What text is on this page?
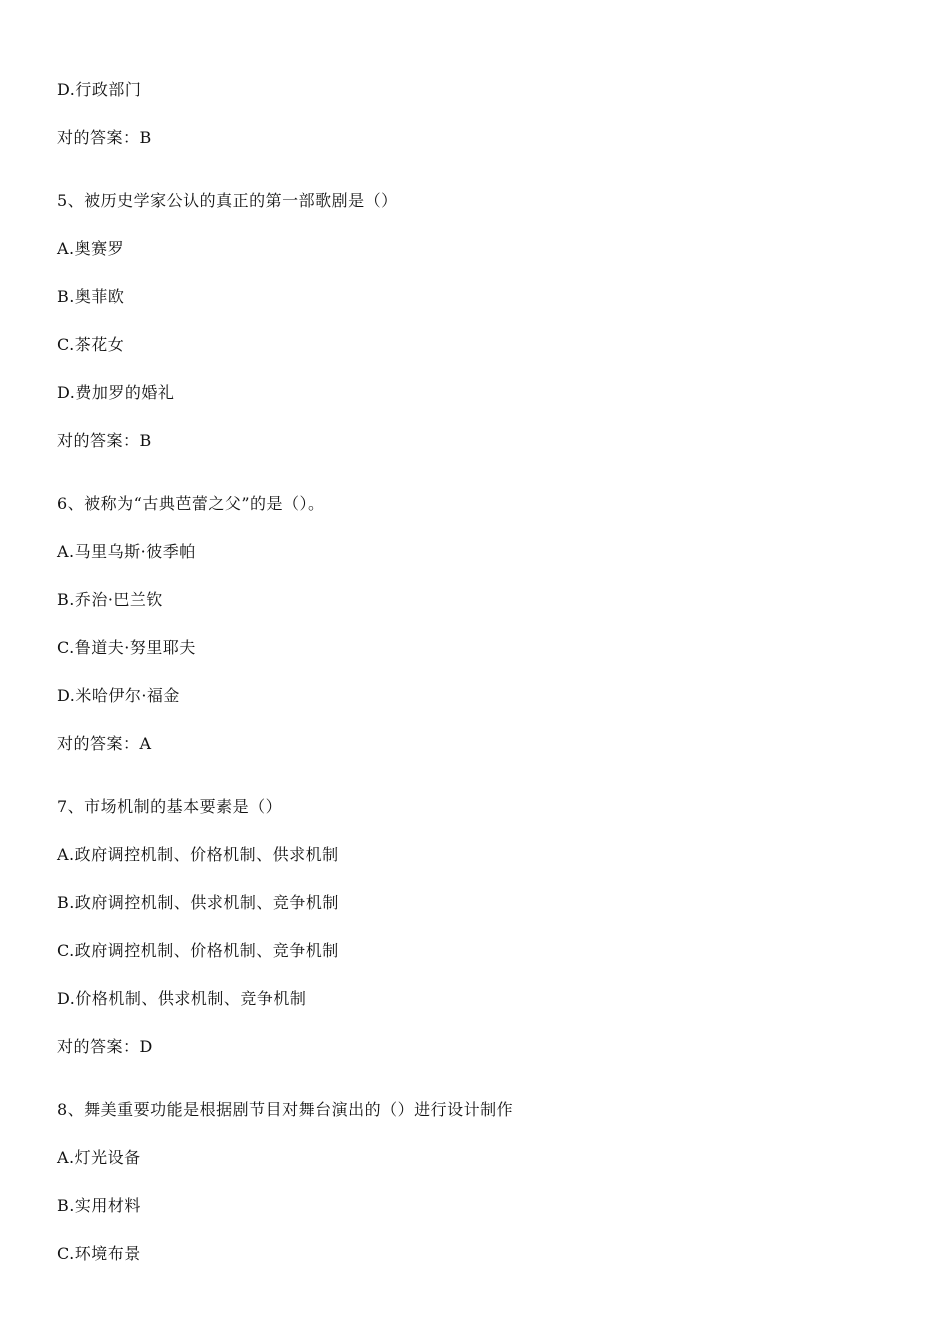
D.行政部门
对的答案：B
5、被历史学家公认的真正的第一部歌剧是（）
A.奥赛罗
B.奥菲欧
C.茶花女
D.费加罗的婚礼
对的答案：B
6、被称为“古典芭蕾之父”的是（）。
A.马里乌斯·彼季帕
B.乔治·巴兰钦
C.鲁道夫·努里耶夫
D.米哈伊尔·福金
对的答案：A
7、市场机制的基本要素是（）
A.政府调控机制、价格机制、供求机制
B.政府调控机制、供求机制、竞争机制
C.政府调控机制、价格机制、竞争机制
D.价格机制、供求机制、竞争机制
对的答案：D
8、舞美重要功能是根据剧节目对舞台演出的（）进行设计制作
A.灯光设备
B.实用材料
C.环境布景
